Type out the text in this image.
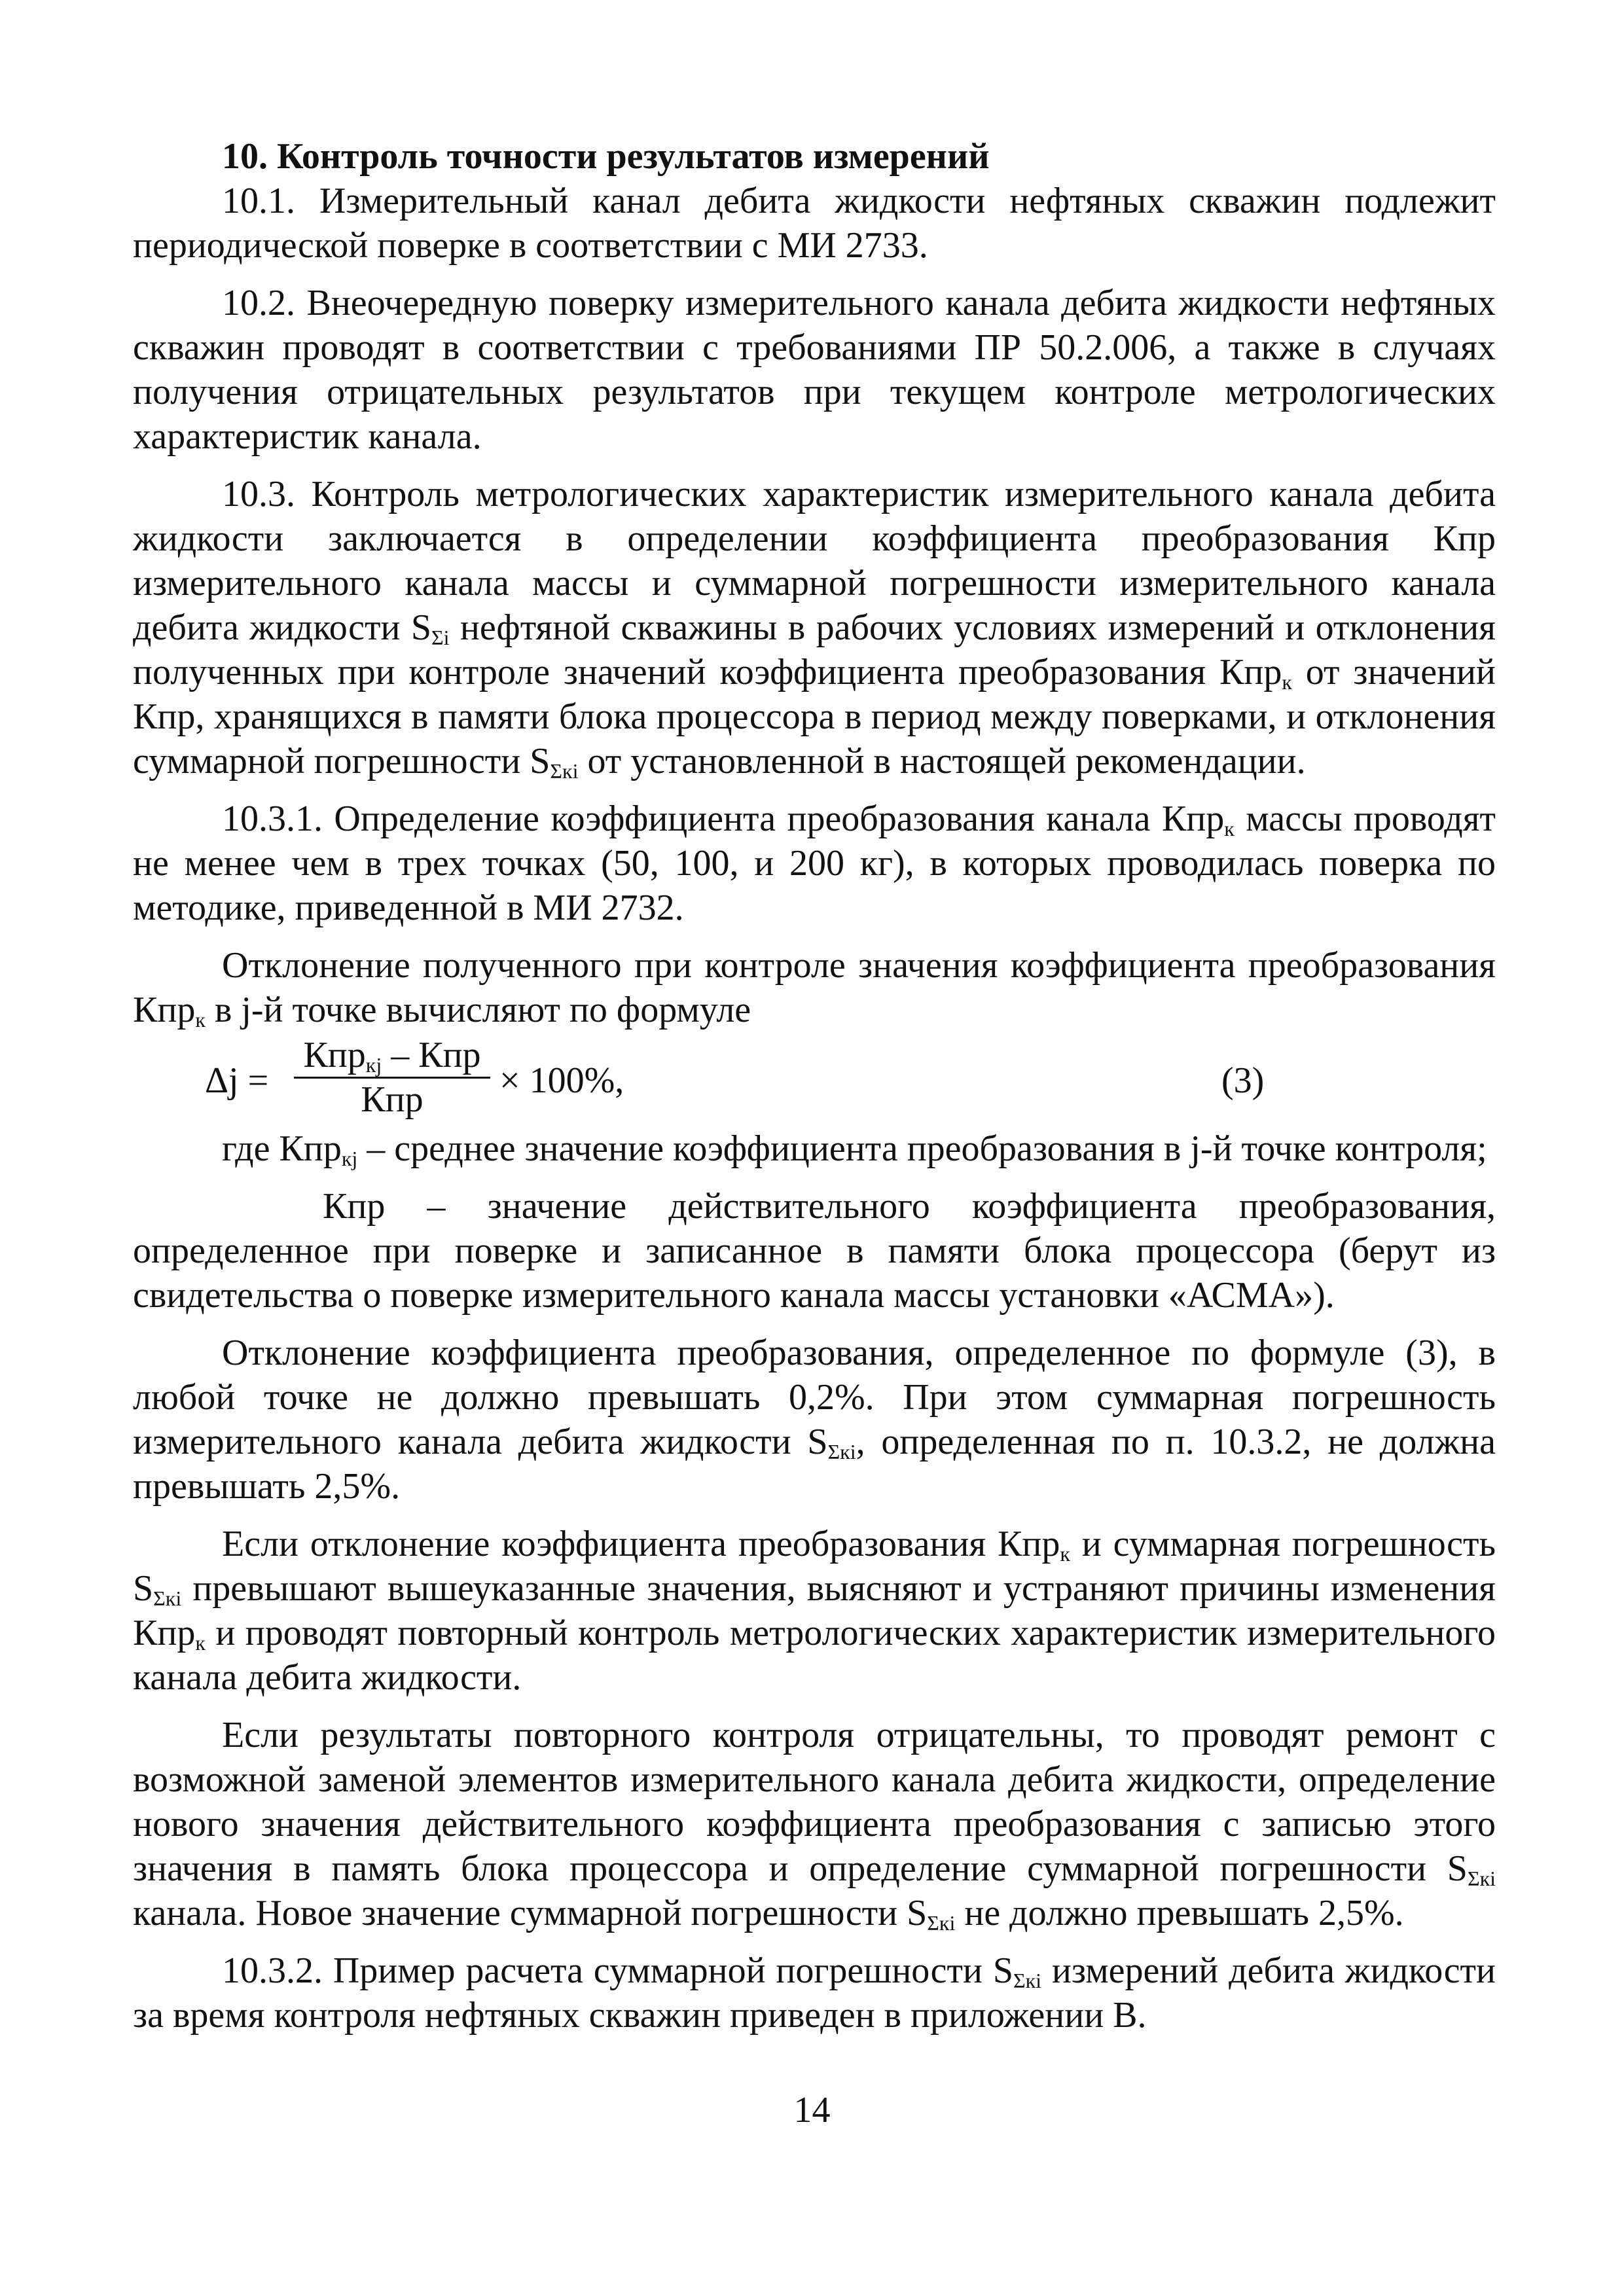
10. Контроль точности результатов измерений

10.1. Измерительный канал дебита жидкости нефтяных скважин подлежит периодической поверке в соответствии с МИ 2733.

10.2. Внеочередную поверку измерительного канала дебита жидкости нефтяных скважин проводят в соответствии с требованиями ПР 50.2.006, а также в случаях получения отрицательных результатов при текущем контроле метрологических характеристик канала.

10.3. Контроль метрологических характеристик измерительного канала дебита жидкости заключается в определении коэффициента преобразования Кпр измерительного канала массы и суммарной погрешности измерительного канала дебита жидкости $S_{\Sigma i}$ нефтяной скважины в рабочих условиях измерений и отклонения полученных при контроле значений коэффициента преобразования Кпр$_к$ от значений Кпр, хранящихся в памяти блока процессора в период между поверками, и отклонения суммарной погрешности $S_{\Sigma кi}$ от установленной в настоящей рекомендации.

10.3.1. Определение коэффициента преобразования канала Кпр$_к$ массы проводят не менее чем в трех точках (50, 100, и 200 кг), в которых проводилась поверка по методике, приведенной в МИ 2732.

Отклонение полученного при контроле значения коэффициента преобразования Кпр$_к$ в j-й точке вычисляют по формуле

Δj =
Кпр$_{кj}$ – Кпр
Кпр	× 100%,	(3)

где Кпр$_{кj}$ – среднее значение коэффициента преобразования в j-й точке контроля;

Кпр – значение действительного коэффициента преобразования, определенное при поверке и записанное в памяти блока процессора (берут из свидетельства о поверке измерительного канала массы установки «АСМА»).

Отклонение коэффициента преобразования, определенное по формуле (3), в любой точке не должно превышать 0,2%. При этом суммарная погрешность измерительного канала дебита жидкости $S_{\Sigma кi}$, определенная по п. 10.3.2, не должна превышать 2,5%.

Если отклонение коэффициента преобразования Кпр$_к$ и суммарная погрешность $S_{\Sigma кi}$ превышают вышеуказанные значения, выясняют и устраняют причины изменения Кпр$_к$ и проводят повторный контроль метрологических характеристик измерительного канала дебита жидкости.

Если результаты повторного контроля отрицательны, то проводят ремонт с возможной заменой элементов измерительного канала дебита жидкости, определение нового значения действительного коэффициента преобразования с записью этого значения в память блока процессора и определение суммарной погрешности $S_{\Sigma кi}$ канала. Новое значение суммарной погрешности $S_{\Sigma кi}$ не должно превышать 2,5%.

10.3.2. Пример расчета суммарной погрешности $S_{\Sigma кi}$ измерений дебита жидкости за время контроля нефтяных скважин приведен в приложении В.

14
